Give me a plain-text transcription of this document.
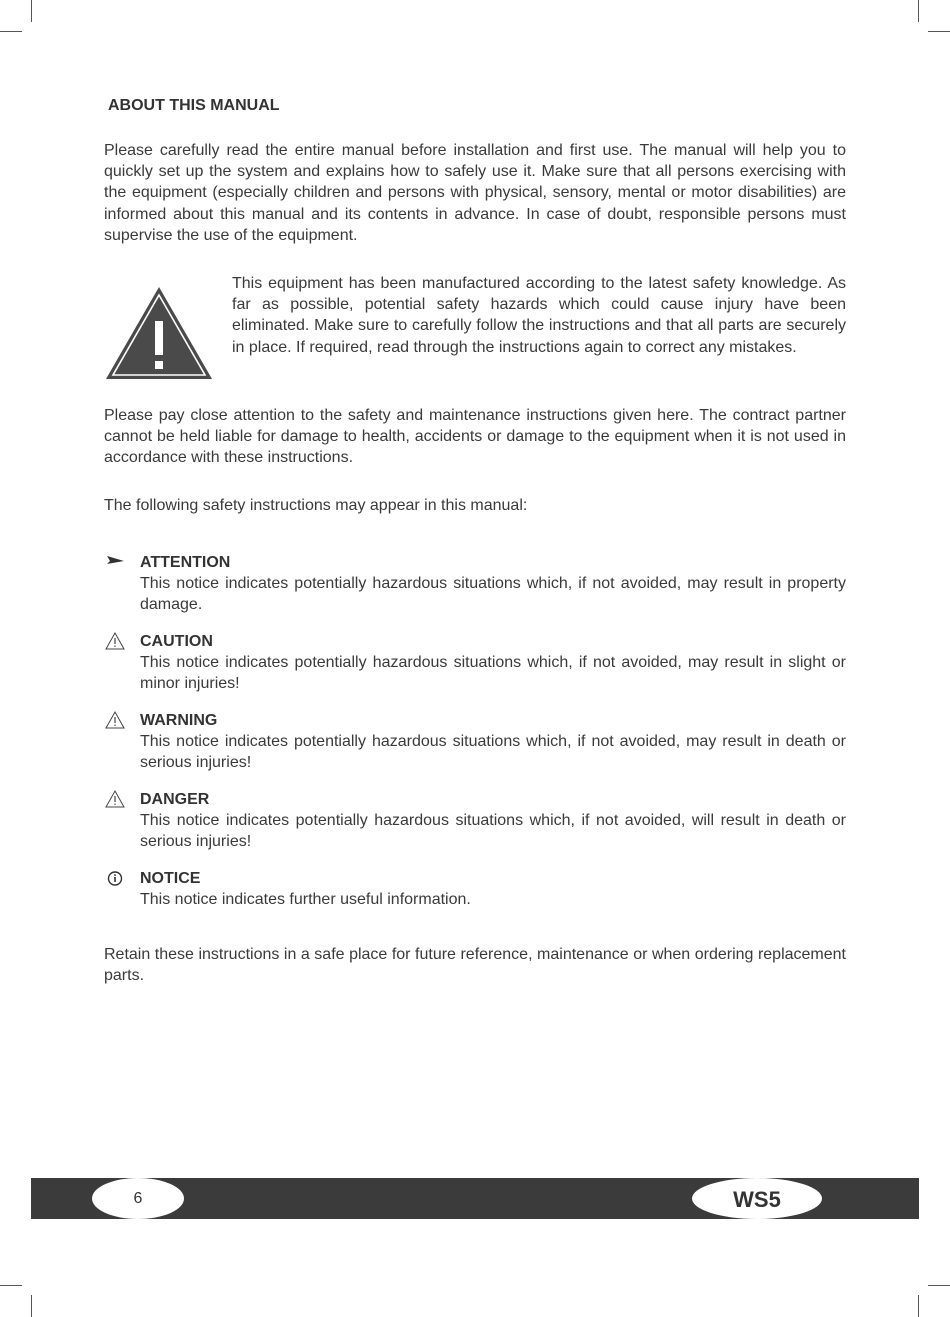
ABOUT THIS MANUAL

Please carefully read the entire manual before installation and first use. The manual will help you to quickly set up the system and explains how to safely use it. Make sure that all persons exercising with the equipment (especially children and persons with physical, sensory, mental or motor disabilities) are informed about this manual and its contents in advance. In case of doubt, responsible persons must supervise the use of the equipment.

This equipment has been manufactured according to the latest safety knowledge. As far as possible, potential safety hazards which could cause injury have been eliminated. Make sure to carefully follow the instructions and that all parts are securely in place. If required, read through the instructions again to correct any mistakes.

Please pay close attention to the safety and maintenance instructions given here. The contract partner cannot be held liable for damage to health, accidents or damage to the equipment when it is not used in accordance with these instructions.

The following safety instructions may appear in this manual:

ATTENTION

This notice indicates potentially hazardous situations which, if not avoided, may result in property damage.

CAUTION

This notice indicates potentially hazardous situations which, if not avoided, may result in slight or minor injuries!

WARNING

This notice indicates potentially hazardous situations which, if not avoided, may result in death or serious injuries!

DANGER

This notice indicates potentially hazardous situations which, if not avoided, will result in death or serious injuries!

NOTICE

This notice indicates further useful information.

Retain these instructions in a safe place for future reference, maintenance or when ordering replacement parts.

6	WS5
